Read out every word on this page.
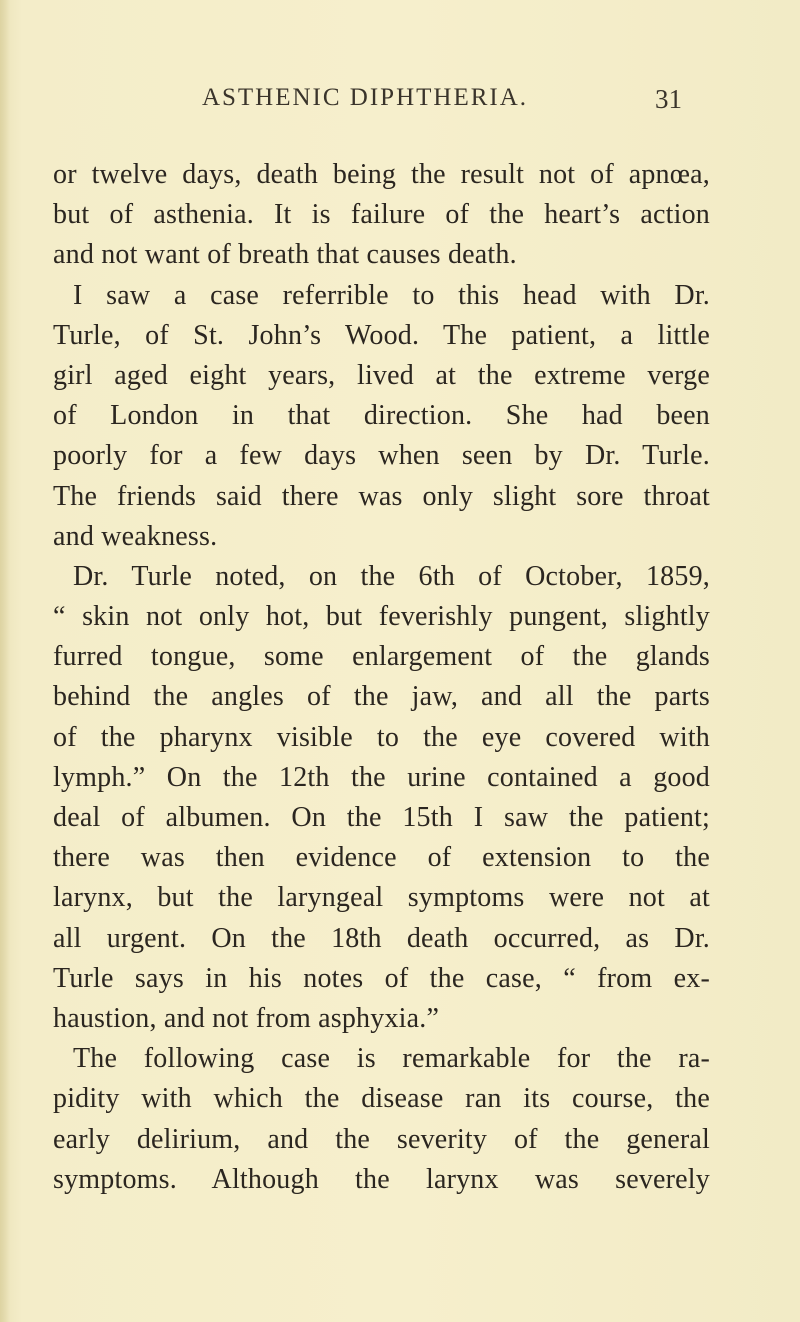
ASTHENIC DIPHTHERIA.	31
or twelve days, death being the result not of apnœa,
but of asthenia. It is failure of the heart’s action
and not want of breath that causes death.
I saw a case referrible to this head with Dr.
Turle, of St. John’s Wood. The patient, a little
girl aged eight years, lived at the extreme verge
of London in that direction. She had been
poorly for a few days when seen by Dr. Turle.
The friends said there was only slight sore throat
and weakness.
Dr. Turle noted, on the 6th of October, 1859,
“ skin not only hot, but feverishly pungent, slightly
furred tongue, some enlargement of the glands
behind the angles of the jaw, and all the parts
of the pharynx visible to the eye covered with
lymph.” On the 12th the urine contained a good
deal of albumen. On the 15th I saw the patient;
there was then evidence of extension to the
larynx, but the laryngeal symptoms were not at
all urgent. On the 18th death occurred, as Dr.
Turle says in his notes of the case, “ from ex-
haustion, and not from asphyxia.”
The following case is remarkable for the ra-
pidity with which the disease ran its course, the
early delirium, and the severity of the general
symptoms. Although the larynx was severely
